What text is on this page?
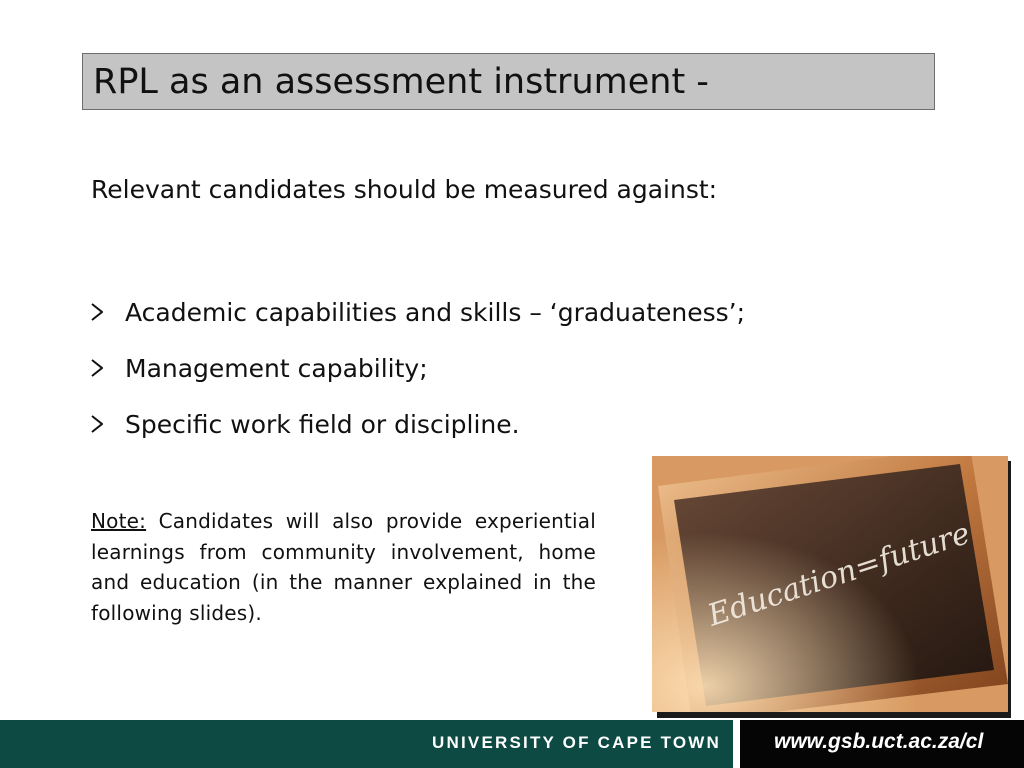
RPL as an assessment instrument -
Relevant candidates should be measured against:
Academic capabilities and skills – ‘graduateness’;
Management capability;
Specific work field or discipline.
Note: Candidates will also provide experiential learnings from community involvement, home and education (in the manner explained in the following slides).	Education=future
UNIVERSITY OF CAPE TOWN	www.gsb.uct.ac.za/cl
